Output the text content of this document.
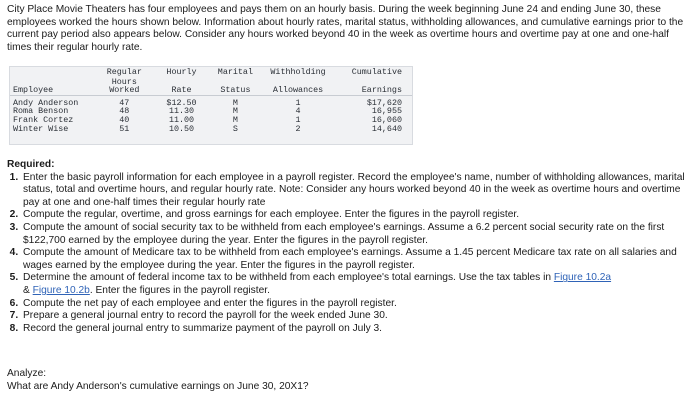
City Place Movie Theaters has four employees and pays them on an hourly basis. During the week beginning June 24 and ending June 30, these employees worked the hours shown below. Information about hourly rates, marital status, withholding allowances, and cumulative earnings prior to the current pay period also appears below. Consider any hours worked beyond 40 in the week as overtime hours and overtime pay at one and one-half times their regular hourly rate.

	Regular	Hourly	Marital	Withholding	Cumulative
Employee	Hours Worked	Rate	Status	Allowances	Earnings

Andy Anderson	47	$12.50	M	1	$17,620
Roma Benson	48	11.30	M	4	16,955
Frank Cortez	40	11.00	M	1	16,060
Winter Wise	51	10.50	S	2	14,640

Required:

1. Enter the basic payroll information for each employee in a payroll register. Record the employee's name, number of withholding allowances, marital status, total and overtime hours, and regular hourly rate. Note: Consider any hours worked beyond 40 in the week as overtime hours and overtime pay at one and one-half times their regular hourly rate
2. Compute the regular, overtime, and gross earnings for each employee. Enter the figures in the payroll register.
3. Compute the amount of social security tax to be withheld from each employee's earnings. Assume a 6.2 percent social security rate on the first $122,700 earned by the employee during the year. Enter the figures in the payroll register.
4. Compute the amount of Medicare tax to be withheld from each employee's earnings. Assume a 1.45 percent Medicare tax rate on all salaries and wages earned by the employee during the year. Enter the figures in the payroll register.
5. Determine the amount of federal income tax to be withheld from each employee's total earnings. Use the tax tables in Figure 10.2a
& Figure 10.2b. Enter the figures in the payroll register.
6. Compute the net pay of each employee and enter the figures in the payroll register.
7. Prepare a general journal entry to record the payroll for the week ended June 30.
8. Record the general journal entry to summarize payment of the payroll on July 3.

Analyze:

What are Andy Anderson's cumulative earnings on June 30, 20X1?
